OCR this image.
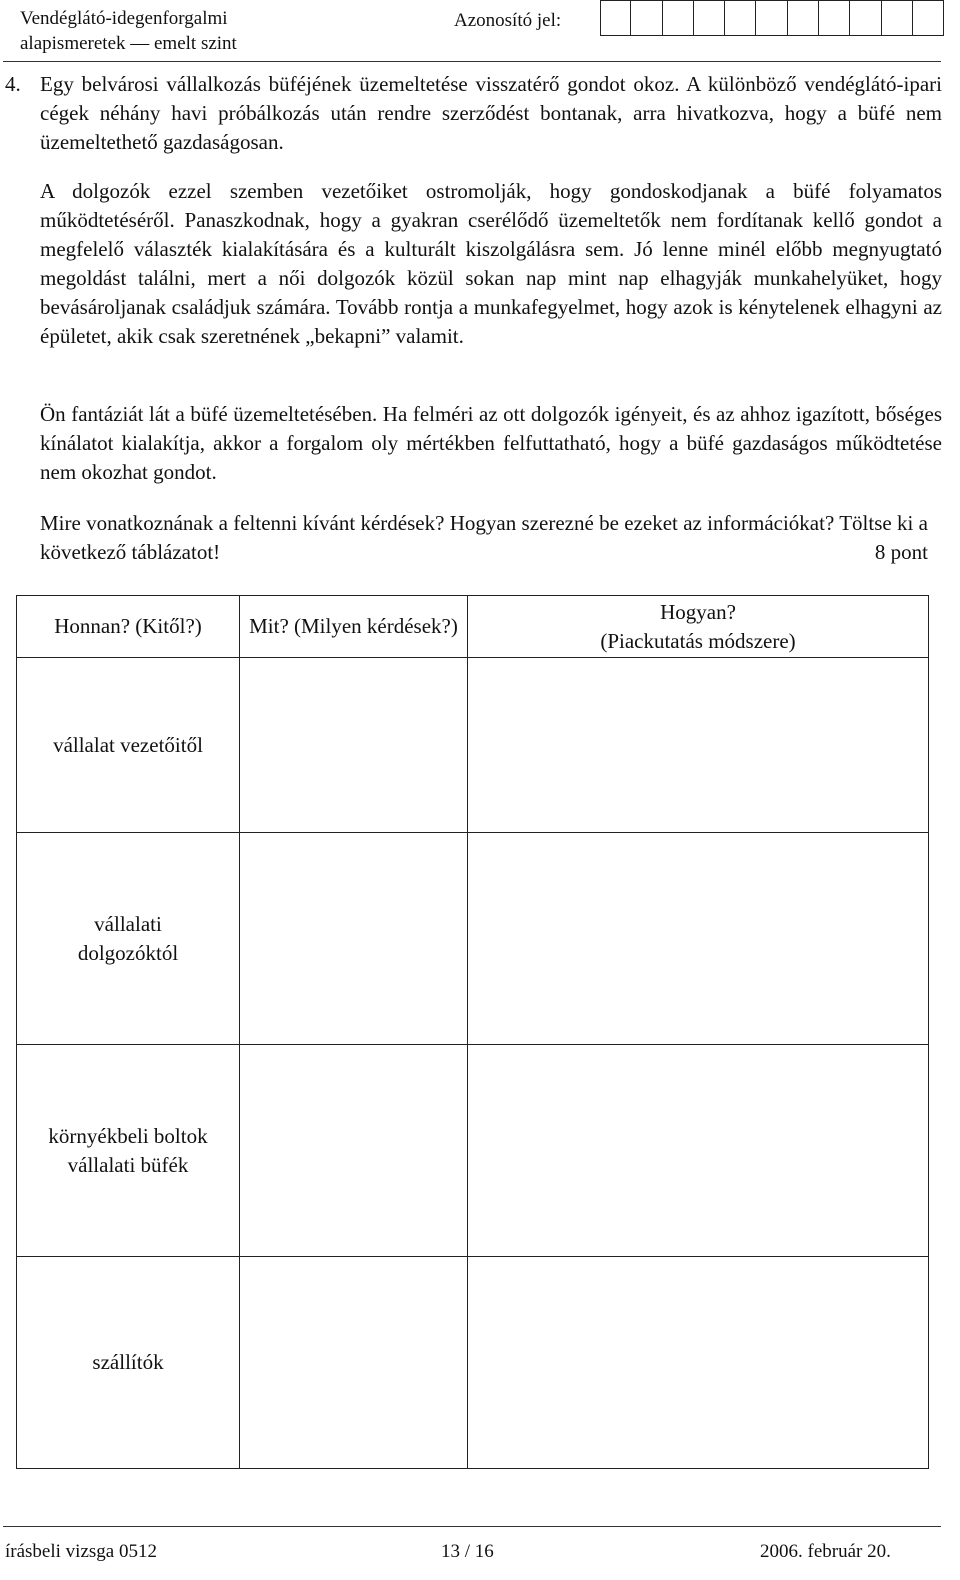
Vendéglátó-idegenforgalmi
alapismeretek — emelt szint
Azonosító jel:
4. Egy belvárosi vállalkozás büféjének üzemeltetése visszatérő gondot okoz. A különböző vendéglátó-ipari cégek néhány havi próbálkozás után rendre szerződést bontanak, arra hivatkozva, hogy a büfé nem üzemeltethető gazdaságosan.
A dolgozók ezzel szemben vezetőiket ostromolják, hogy gondoskodjanak a büfé folyamatos működtetéséről. Panaszkodnak, hogy a gyakran cserélődő üzemeltetők nem fordítanak kellő gondot a megfelelő választék kialakítására és a kulturált kiszolgálásra sem. Jó lenne minél előbb megnyugtató megoldást találni, mert a női dolgozók közül sokan nap mint nap elhagyják munkahelyüket, hogy bevásároljanak családjuk számára. Tovább rontja a munkafegyelmet, hogy azok is kénytelenek elhagyni az épületet, akik csak szeretnének „bekapni” valamit.
Ön fantáziát lát a büfé üzemeltetésében. Ha felméri az ott dolgozók igényeit, és az ahhoz igazított, bőséges kínálatot kialakítja, akkor a forgalom oly mértékben felfuttatható, hogy a büfé gazdaságos működtetése nem okozhat gondot.
Mire vonatkoznának a feltenni kívánt kérdések? Hogyan szerezné be ezeket az információkat? Töltse ki a következő táblázatot!	8 pont
Honnan? (Kitől?)	Mit? (Milyen kérdések?)	Hogyan?
(Piackutatás módszere)

vállalat vezetőitől		

vállalati
dolgozóktól		

környékbeli boltok
vállalati büfék		

szállítók		

írásbeli vizsga 0512	13 / 16	2006. február 20.
